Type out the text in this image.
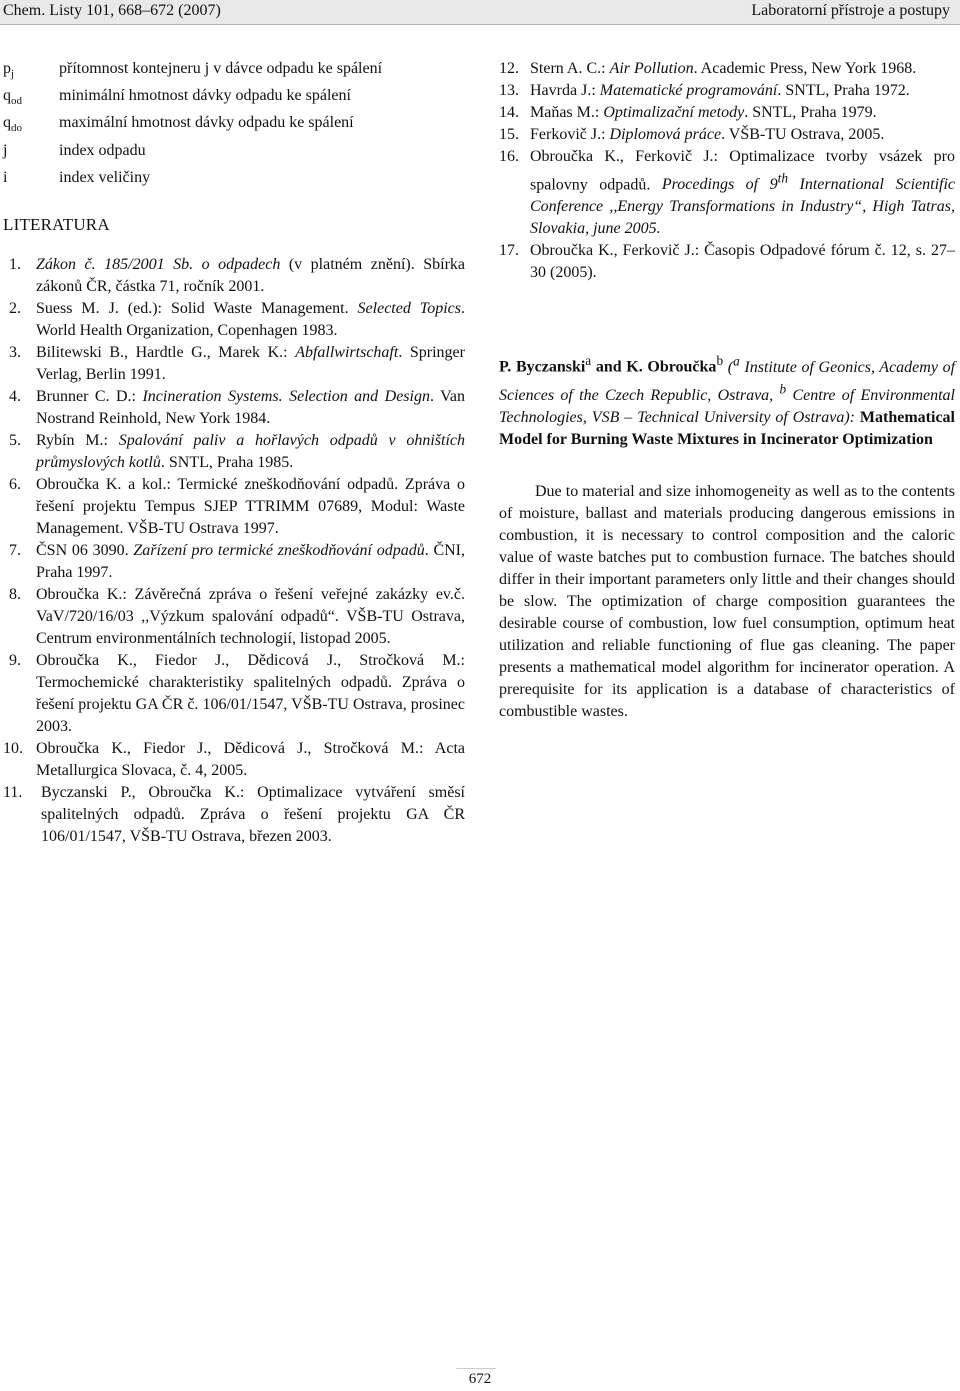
Chem. Listy 101, 668–672 (2007)	Laboratorní přístroje a postupy
$p_j$	přítomnost kontejneru j v dávce odpadu ke spálení
$q_{od}$	minimální hmotnost dávky odpadu ke spálení
$q_{do}$	maximální hmotnost dávky odpadu ke spálení
j	index odpadu
i	index veličiny
LITERATURA
1. Zákon č. 185/2001 Sb. o odpadech (v platném znění). Sbírka zákonů ČR, částka 71, ročník 2001.
2. Suess M. J. (ed.): Solid Waste Management. Selected Topics. World Health Organization, Copenhagen 1983.
3. Bilitewski B., Hardtle G., Marek K.: Abfallwirtschaft. Springer Verlag, Berlin 1991.
4. Brunner C. D.: Incineration Systems. Selection and Design. Van Nostrand Reinhold, New York 1984.
5. Rybín M.: Spalování paliv a hořlavých odpadů v ohništích průmyslových kotlů. SNTL, Praha 1985.
6. Obroučka K. a kol.: Termické zneškodňování odpadů. Zpráva o řešení projektu Tempus SJEP TTRIMM 07689, Modul: Waste Management. VŠB-TU Ostrava 1997.
7. ČSN 06 3090. Zařízení pro termické zneškodňování odpadů. ČNI, Praha 1997.
8. Obroučka K.: Závěrečná zpráva o řešení veřejné zakázky ev.č. VaV/720/16/03 ,,Výzkum spalování odpadů“. VŠB-TU Ostrava, Centrum environmentálních technologií, listopad 2005.
9. Obroučka K., Fiedor J., Dědicová J., Stročková M.: Termochemické charakteristiky spalitelných odpadů. Zpráva o řešení projektu GA ČR č. 106/01/1547, VŠB-TU Ostrava, prosinec 2003.
10. Obroučka K., Fiedor J., Dědicová J., Stročková M.: Acta Metallurgica Slovaca, č. 4, 2005.
11.	Byczanski P., Obroučka K.: Optimalizace vytváření směsí spalitelných odpadů. Zpráva o řešení projektu GA ČR 106/01/1547, VŠB-TU Ostrava, březen 2003.
12. Stern A. C.: Air Pollution. Academic Press, New York 1968.
13. Havrda J.: Matematické programování. SNTL, Praha 1972.
14. Maňas M.: Optimalizační metody. SNTL, Praha 1979.
15. Ferkovič J.: Diplomová práce. VŠB-TU Ostrava, 2005.
16. Obroučka K., Ferkovič J.: Optimalizace tvorby vsázek pro spalovny odpadů. Procedings of 9th International Scientific Conference ,,Energy Transformations in Industry“, High Tatras, Slovakia, june 2005.
17. Obroučka K., Ferkovič J.: Časopis Odpadové fórum č. 12, s. 27–30 (2005).
P. Byczanski$^a$ and K. Obroučka$^b$ ($^a$ Institute of Geonics, Academy of Sciences of the Czech Republic, Ostrava, $^b$ Centre of Environmental Technologies, VSB – Technical University of Ostrava): Mathematical Model for Burning Waste Mixtures in Incinerator Optimization
Due to material and size inhomogeneity as well as to the contents of moisture, ballast and materials producing dangerous emissions in combustion, it is necessary to control composition and the caloric value of waste batches put to combustion furnace. The batches should differ in their important parameters only little and their changes should be slow. The optimization of charge composition guarantees the desirable course of combustion, low fuel consumption, optimum heat utilization and reliable functioning of flue gas cleaning. The paper presents a mathematical model algorithm for incinerator operation. A prerequisite for its application is a database of characteristics of combustible wastes.
672
